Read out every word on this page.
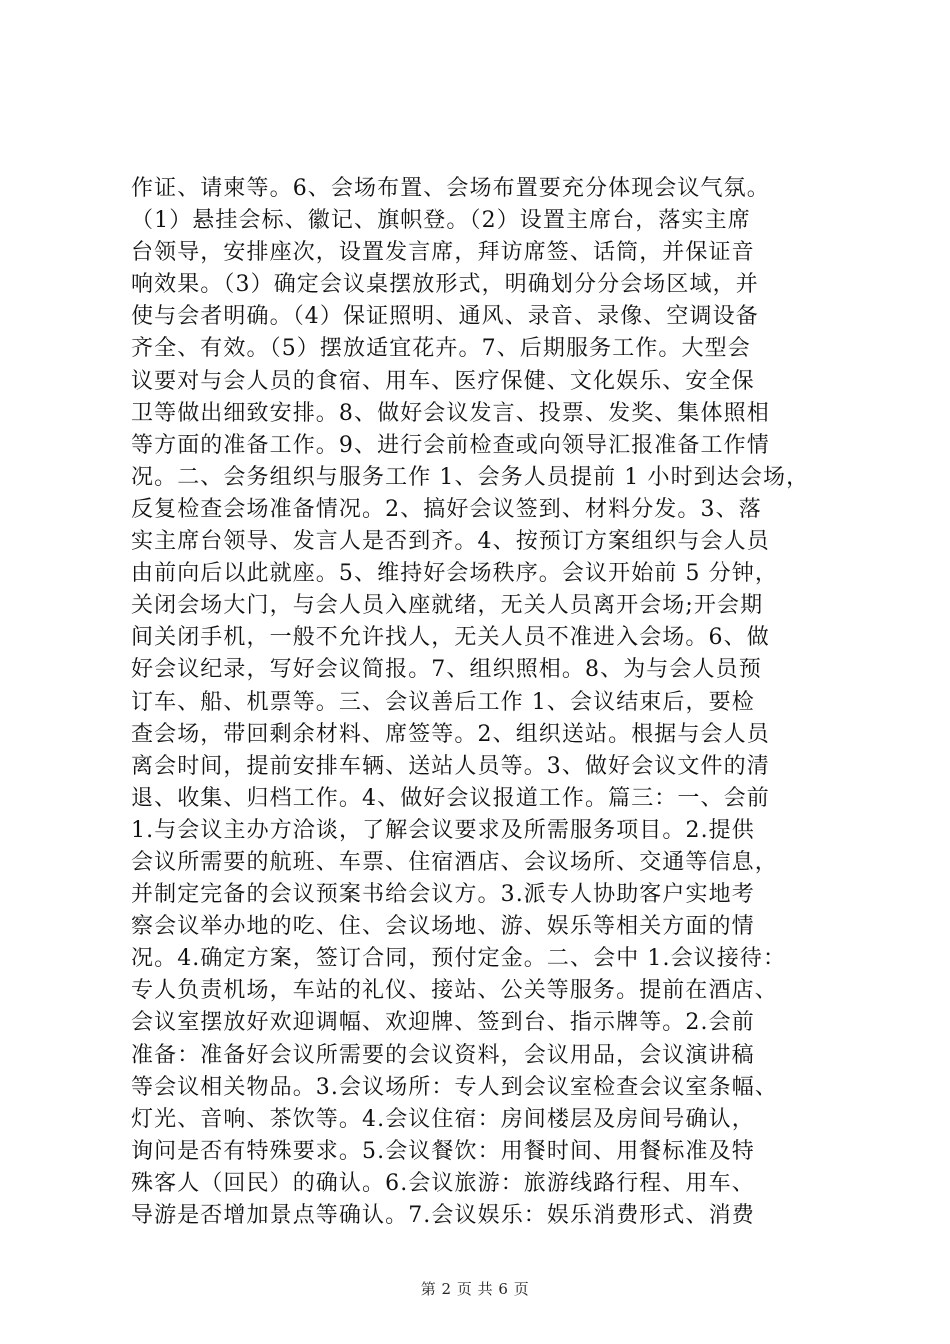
作证、请柬等。6、会场布置、会场布置要充分体现会议气氛。
（1）悬挂会标、徽记、旗帜登。（2）设置主席台，落实主席
台领导，安排座次，设置发言席，拜访席签、话筒，并保证音
响效果。（3）确定会议桌摆放形式，明确划分分会场区域，并
使与会者明确。（4）保证照明、通风、录音、录像、空调设备
齐全、有效。（5）摆放适宜花卉。7、后期服务工作。大型会
议要对与会人员的食宿、用车、医疗保健、文化娱乐、安全保
卫等做出细致安排。8、做好会议发言、投票、发奖、集体照相
等方面的准备工作。9、进行会前检查或向领导汇报准备工作情
况。二、会务组织与服务工作 1、会务人员提前 1 小时到达会场，
反复检查会场准备情况。2、搞好会议签到、材料分发。3、落
实主席台领导、发言人是否到齐。4、按预订方案组织与会人员
由前向后以此就座。5、维持好会场秩序。会议开始前 5 分钟，
关闭会场大门，与会人员入座就绪，无关人员离开会场;开会期
间关闭手机，一般不允许找人，无关人员不准进入会场。6、做
好会议纪录，写好会议简报。7、组织照相。8、为与会人员预
订车、船、机票等。三、会议善后工作 1、会议结束后，要检
查会场，带回剩余材料、席签等。2、组织送站。根据与会人员
离会时间，提前安排车辆、送站人员等。3、做好会议文件的清
退、收集、归档工作。4、做好会议报道工作。篇三：一、会前
1.与会议主办方洽谈，了解会议要求及所需服务项目。2.提供
会议所需要的航班、车票、住宿酒店、会议场所、交通等信息，
并制定完备的会议预案书给会议方。3.派专人协助客户实地考
察会议举办地的吃、住、会议场地、游、娱乐等相关方面的情
况。4.确定方案，签订合同，预付定金。二、会中 1.会议接待：
专人负责机场，车站的礼仪、接站、公关等服务。提前在酒店、
会议室摆放好欢迎调幅、欢迎牌、签到台、指示牌等。2.会前
准备：准备好会议所需要的会议资料，会议用品，会议演讲稿
等会议相关物品。3.会议场所：专人到会议室检查会议室条幅、
灯光、音响、茶饮等。4.会议住宿：房间楼层及房间号确认，
询问是否有特殊要求。5.会议餐饮：用餐时间、用餐标准及特
殊客人（回民）的确认。6.会议旅游：旅游线路行程、用车、
导游是否增加景点等确认。7.会议娱乐：娱乐消费形式、消费
第 2 页 共 6 页
